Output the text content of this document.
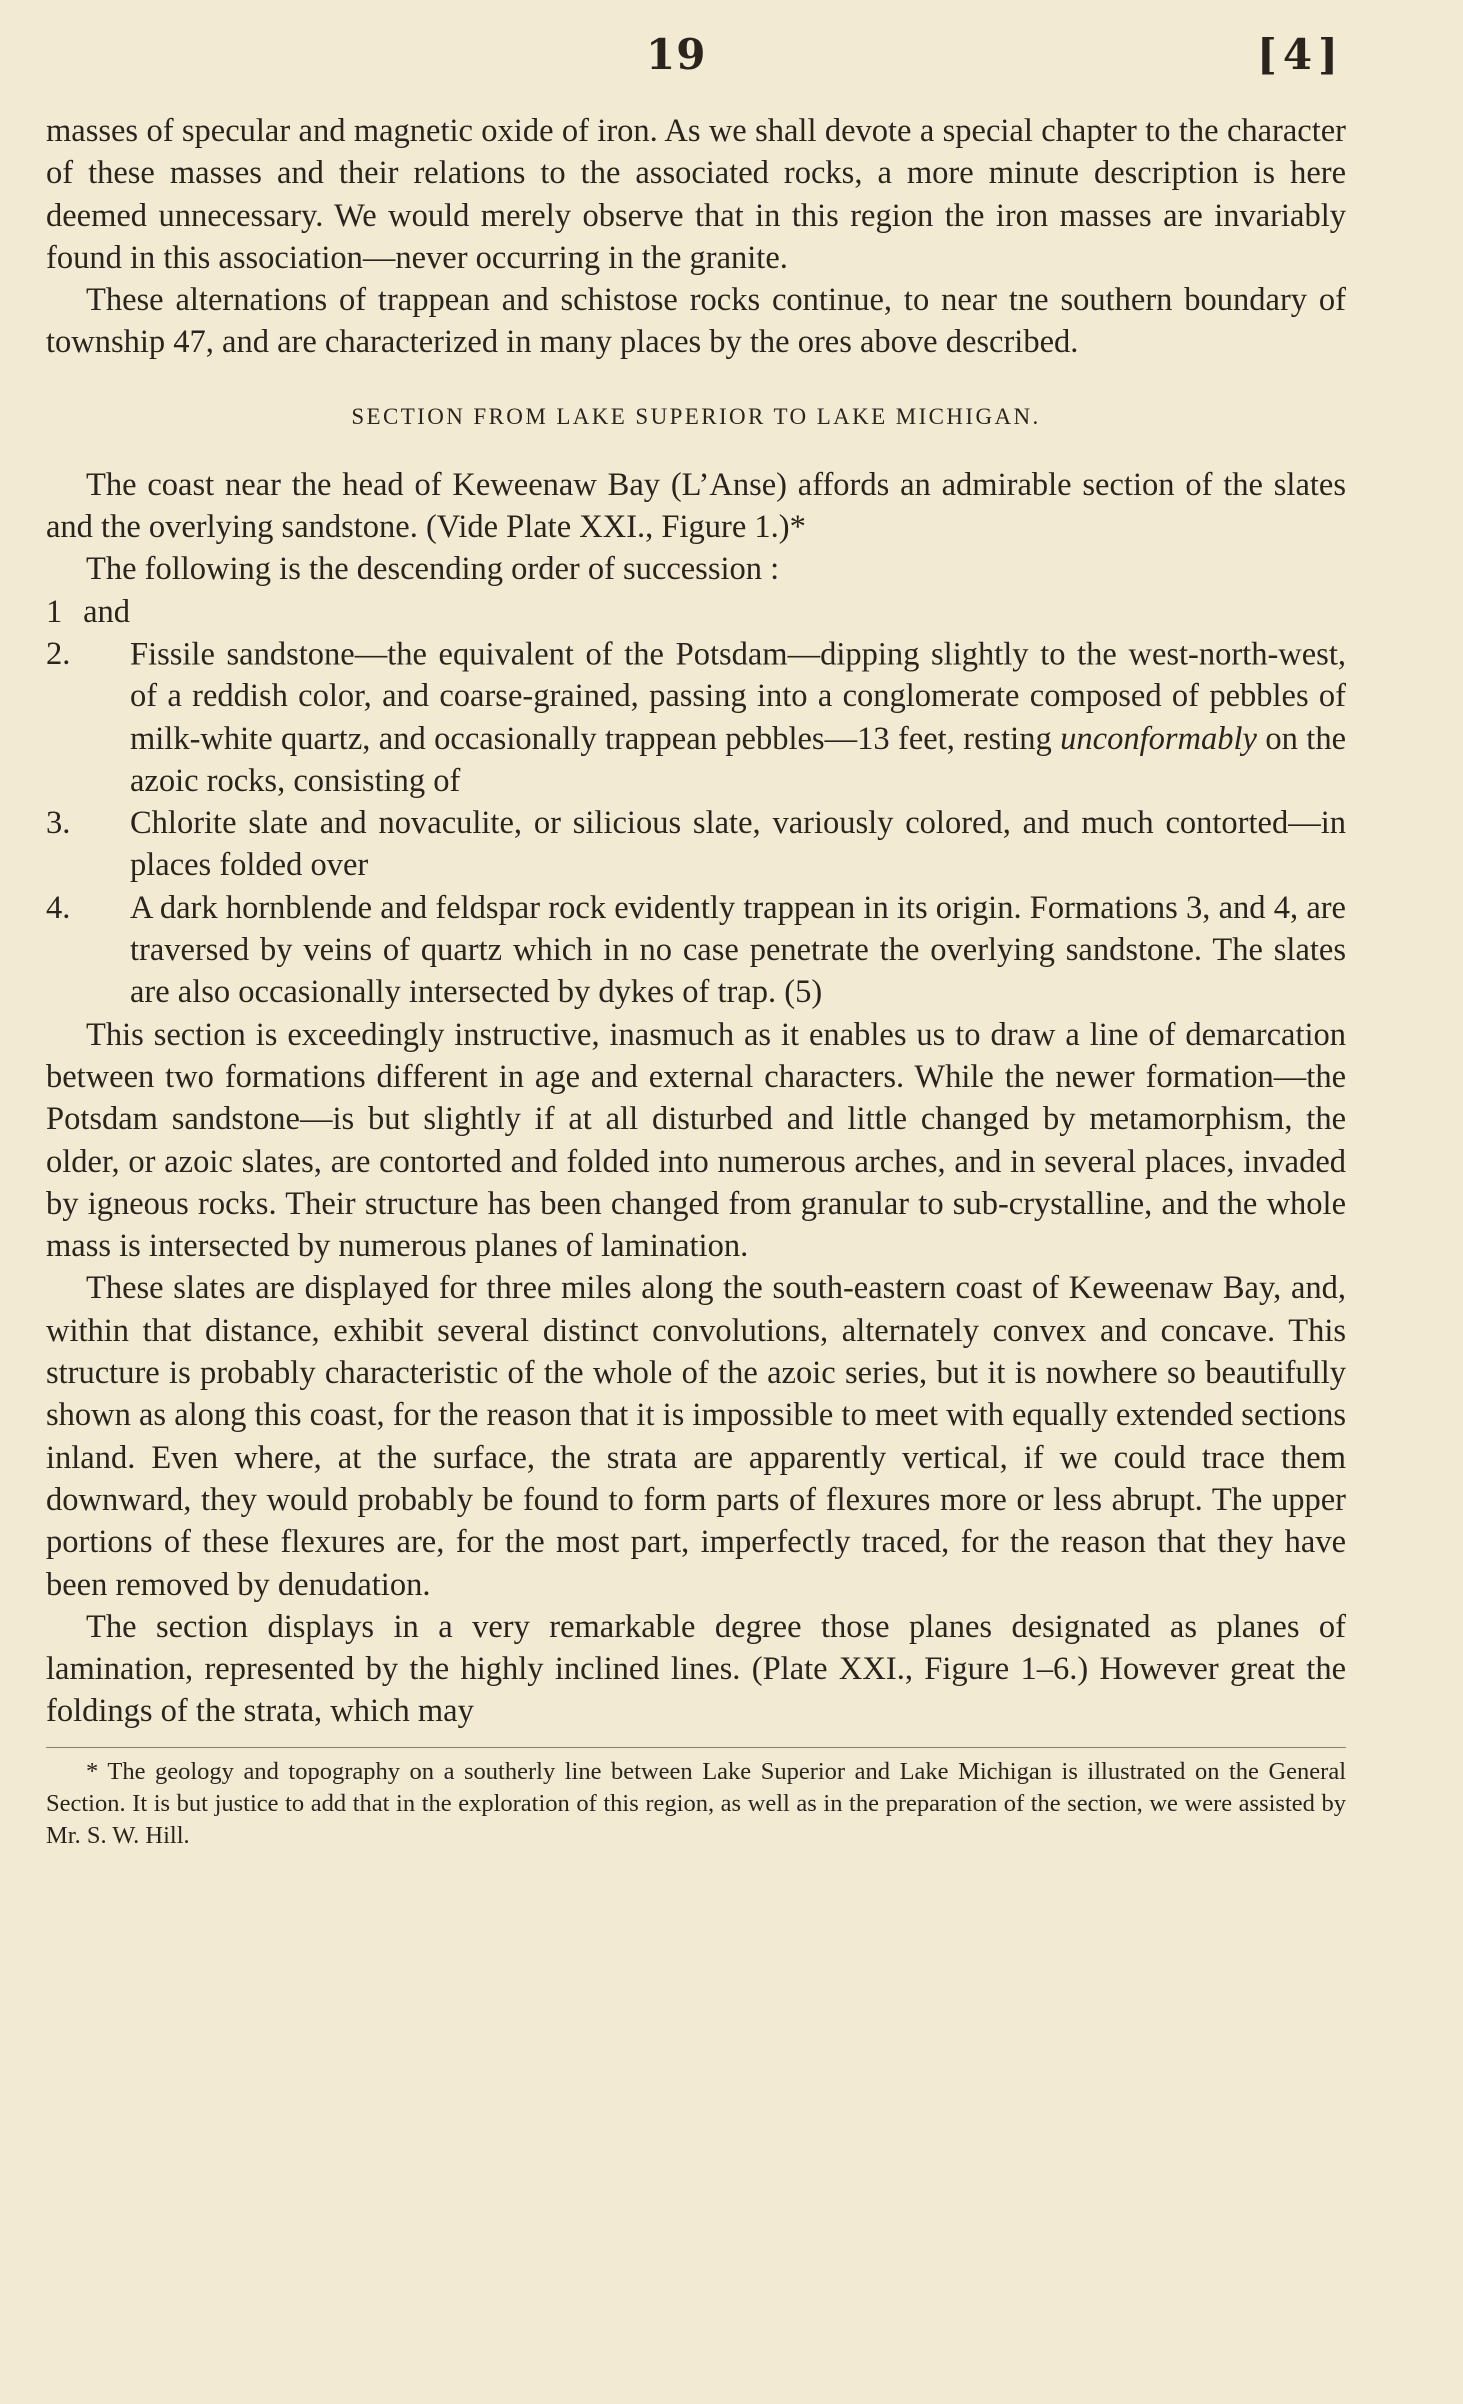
19	[4]

masses of specular and magnetic oxide of iron. As we shall devote a special chapter to the character of these masses and their relations to the associated rocks, a more minute description is here deemed unnecessary. We would merely observe that in this region the iron masses are invariably found in this association—never occurring in the granite.

These alternations of trappean and schistose rocks continue, to near tne southern boundary of township 47, and are characterized in many places by the ores above described.

SECTION FROM LAKE SUPERIOR TO LAKE MICHIGAN.

The coast near the head of Keweenaw Bay (L’Anse) affords an admirable section of the slates and the overlying sandstone. (Vide Plate XXI., Figure 1.)*

The following is the descending order of succession :

1 and 2. Fissile sandstone—the equivalent of the Potsdam—dipping slightly to the west-north-west, of a reddish color, and coarse-grained, passing into a conglomerate composed of pebbles of milk-white quartz, and occasionally trappean pebbles—13 feet, resting unconformably on the azoic rocks, consisting of

3. Chlorite slate and novaculite, or silicious slate, variously colored, and much contorted—in places folded over

4. A dark hornblende and feldspar rock evidently trappean in its origin. Formations 3, and 4, are traversed by veins of quartz which in no case penetrate the overlying sandstone. The slates are also occasionally intersected by dykes of trap. (5)

This section is exceedingly instructive, inasmuch as it enables us to draw a line of demarcation between two formations different in age and external characters. While the newer formation—the Potsdam sandstone—is but slightly if at all disturbed and little changed by metamorphism, the older, or azoic slates, are contorted and folded into numerous arches, and in several places, invaded by igneous rocks. Their structure has been changed from granular to sub-crystalline, and the whole mass is intersected by numerous planes of lamination.

These slates are displayed for three miles along the south-eastern coast of Keweenaw Bay, and, within that distance, exhibit several distinct convolutions, alternately convex and concave. This structure is probably characteristic of the whole of the azoic series, but it is nowhere so beautifully shown as along this coast, for the reason that it is impossible to meet with equally extended sections inland. Even where, at the surface, the strata are apparently vertical, if we could trace them downward, they would probably be found to form parts of flexures more or less abrupt. The upper portions of these flexures are, for the most part, imperfectly traced, for the reason that they have been removed by denudation.

The section displays in a very remarkable degree those planes designated as planes of lamination, represented by the highly inclined lines. (Plate XXI., Figure 1–6.) However great the foldings of the strata, which may

* The geology and topography on a southerly line between Lake Superior and Lake Michigan is illustrated on the General Section. It is but justice to add that in the exploration of this region, as well as in the preparation of the section, we were assisted by Mr. S. W. Hill.
